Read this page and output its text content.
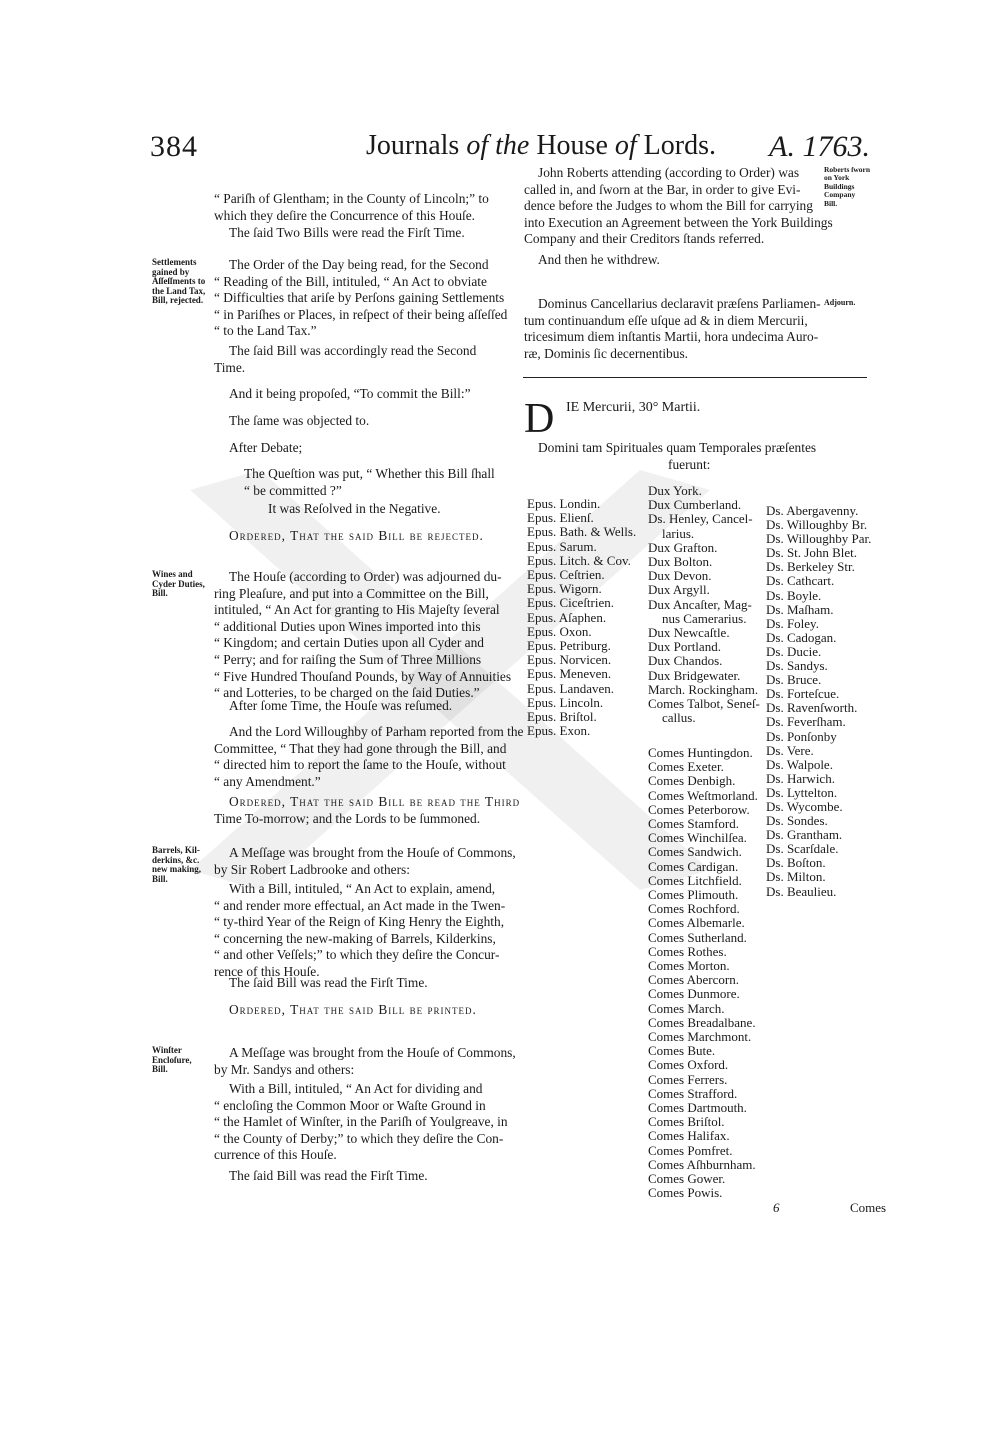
384	Journals of the House of Lords. A. 1763.
“ Pariſh of Glentham; in the County of Lincoln;” to
which they deſire the Concurrence of this Houſe.
The ſaid Two Bills were read the Firſt Time.
Settlements
gained by
Aſſeſſments to
the Land Tax,
Bill, rejected.
The Order of the Day being read, for the Second
“ Reading of the Bill, intituled, “ An Act to obviate
“ Difficulties that ariſe by Perſons gaining Settlements
“ in Pariſhes or Places, in reſpect of their being aſſeſſed
“ to the Land Tax.”
The ſaid Bill was accordingly read the Second
Time.
And it being propoſed, “To commit the Bill:”
The ſame was objected to.
After Debate;
The Queſtion was put, “ Whether this Bill ſhall
“ be committed ?”
It was Reſolved in the Negative.
Ordered, That the ſaid Bill be rejected.
Wines and
Cyder Duties,
Bill.
The Houſe (according to Order) was adjourned du-
ring Pleaſure, and put into a Committee on the Bill,
intituled, “ An Act for granting to His Majeſty ſeveral
“ additional Duties upon Wines imported into this
“ Kingdom; and certain Duties upon all Cyder and
“ Perry; and for raiſing the Sum of Three Millions
“ Five Hundred Thouſand Pounds, by Way of Annuities
“ and Lotteries, to be charged on the ſaid Duties.”
After ſome Time, the Houſe was reſumed.
And the Lord Willoughby of Parham reported from the
Committee, “ That they had gone through the Bill, and
“ directed him to report the ſame to the Houſe, without
“ any Amendment.”
Ordered, That the ſaid Bill be read the Third
Time To-morrow; and the Lords to be ſummoned.
Barrels, Kil-
derkins, &c.
new making,
Bill.
A Meſſage was brought from the Houſe of Commons,
by Sir Robert Ladbrooke and others:
With a Bill, intituled, “ An Act to explain, amend,
“ and render more effectual, an Act made in the Twen-
“ ty-third Year of the Reign of King Henry the Eighth,
“ concerning the new-making of Barrels, Kilderkins,
“ and other Veſſels;” to which they deſire the Concur-
rence of this Houſe.
The ſaid Bill was read the Firſt Time.
Ordered, That the ſaid Bill be printed.
Winſter
Encloſure,
Bill.
A Meſſage was brought from the Houſe of Commons,
by Mr. Sandys and others:
With a Bill, intituled, “ An Act for dividing and
“ encloſing the Common Moor or Waſte Ground in
“ the Hamlet of Winſter, in the Pariſh of Youlgreave, in
“ the County of Derby;” to which they deſire the Con-
currence of this Houſe.
The ſaid Bill was read the Firſt Time.
John Roberts attending (according to Order) was
called in, and ſworn at the Bar, in order to give Evi-
dence before the Judges to whom the Bill for carrying
into Execution an Agreement between the York Buildings
Company and their Creditors ſtands referred.
Roberts ſworn
on York
Buildings
Company
Bill.
And then he withdrew.
Dominus Cancellarius declaravit præſens Parliamen-
tum continuandum eſſe uſque ad & in diem Mercurii,
tricesimum diem inſtantis Martii, hora undecima Auro-
ræ, Dominis ſic decernentibus.
Adjourn.
D IE Mercurii, 30° Martii.
Domini tam Spirituales quam Temporales præſentes
fuerunt:
Epus. Londin.
Epus. Elienſ.
Epus. Bath. & Wells.
Epus. Sarum.
Epus. Litch. & Cov.
Epus. Ceſtrien.
Epus. Wigorn.
Epus. Ciceſtrien.
Epus. Aſaphen.
Epus. Oxon.
Epus. Petriburg.
Epus. Norvicen.
Epus. Meneven.
Epus. Landaven.
Epus. Lincoln.
Epus. Briſtol.
Epus. Exon.
Dux York.
Dux Cumberland.
Ds. Henley, Cancel-
larius.
Dux Grafton.
Dux Bolton.
Dux Devon.
Dux Argyll.
Dux Ancaſter, Mag-
nus Camerarius.
Dux Newcaſtle.
Dux Portland.
Dux Chandos.
Dux Bridgewater.
March. Rockingham.
Comes Talbot, Seneſ-
callus.
Comes Huntingdon.
Comes Exeter.
Comes Denbigh.
Comes Weſtmorland.
Comes Peterborow.
Comes Stamford.
Comes Winchilſea.
Comes Sandwich.
Comes Cardigan.
Comes Litchfield.
Comes Plimouth.
Comes Rochford.
Comes Albemarle.
Comes Sutherland.
Comes Rothes.
Comes Morton.
Comes Abercorn.
Comes Dunmore.
Comes March.
Comes Breadalbane.
Comes Marchmont.
Comes Bute.
Comes Oxford.
Comes Ferrers.
Comes Strafford.
Comes Dartmouth.
Comes Briſtol.
Comes Halifax.
Comes Pomfret.
Comes Aſhburnham.
Comes Gower.
Comes Powis.
Ds. Abergavenny.
Ds. Willoughby Br.
Ds. Willoughby Par.
Ds. St. John Blet.
Ds. Berkeley Str.
Ds. Cathcart.
Ds. Boyle.
Ds. Maſham.
Ds. Foley.
Ds. Cadogan.
Ds. Ducie.
Ds. Sandys.
Ds. Bruce.
Ds. Forteſcue.
Ds. Ravenſworth.
Ds. Feverſham.
Ds. Ponſonby
Ds. Vere.
Ds. Walpole.
Ds. Harwich.
Ds. Lyttelton.
Ds. Wycombe.
Ds. Sondes.
Ds. Grantham.
Ds. Scarſdale.
Ds. Boſton.
Ds. Milton.
Ds. Beaulieu.
6	Comes
